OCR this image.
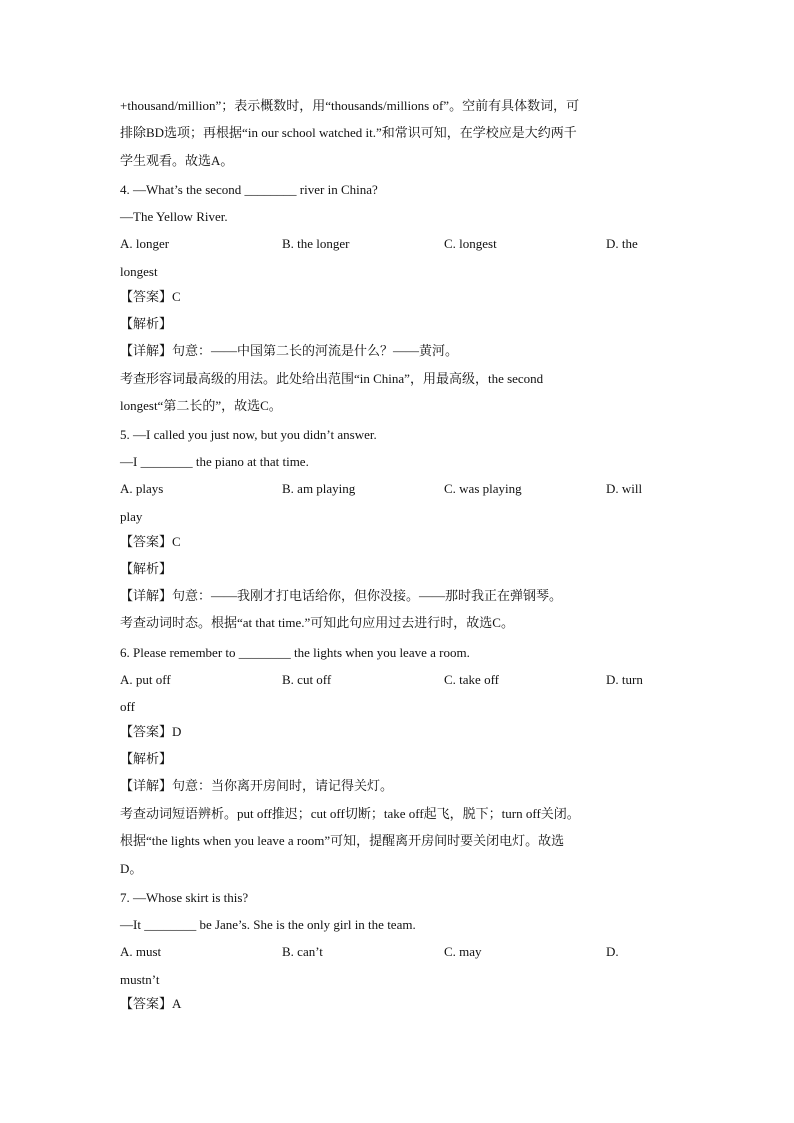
+thousand/million”；表示概数时，用“thousands/millions of”。空前有具体数词，可

排除BD选项；再根据“in our school watched it.”和常识可知，在学校应是大约两千

学生观看。故选A。

4. —What’s the second ________ river in China?

—The Yellow River.

A. longer	B. the longer	C. longest	D. the

longest

【答案】C

【解析】

【详解】句意：——中国第二长的河流是什么？——黄河。

考查形容词最高级的用法。此处给出范围“in China”，用最高级，the second

longest“第二长的”，故选C。

5. —I called you just now, but you didn’t answer.

—I ________ the piano at that time.

A. plays	B. am playing	C. was playing	D. will

play

【答案】C

【解析】

【详解】句意：——我刚才打电话给你，但你没接。——那时我正在弹钢琴。

考查动词时态。根据“at that time.”可知此句应用过去进行时，故选C。

6. Please remember to ________ the lights when you leave a room.

A. put off	B. cut off	C. take off	D. turn

off

【答案】D

【解析】

【详解】句意：当你离开房间时，请记得关灯。

考查动词短语辨析。put off推迟；cut off切断；take off起飞，脱下；turn off关闭。

根据“the lights when you leave a room”可知，提醒离开房间时要关闭电灯。故选

D。

7. —Whose skirt is this?

—It ________ be Jane’s. She is the only girl in the team.

A. must	B. can’t	C. may	D.

mustn’t

【答案】A
